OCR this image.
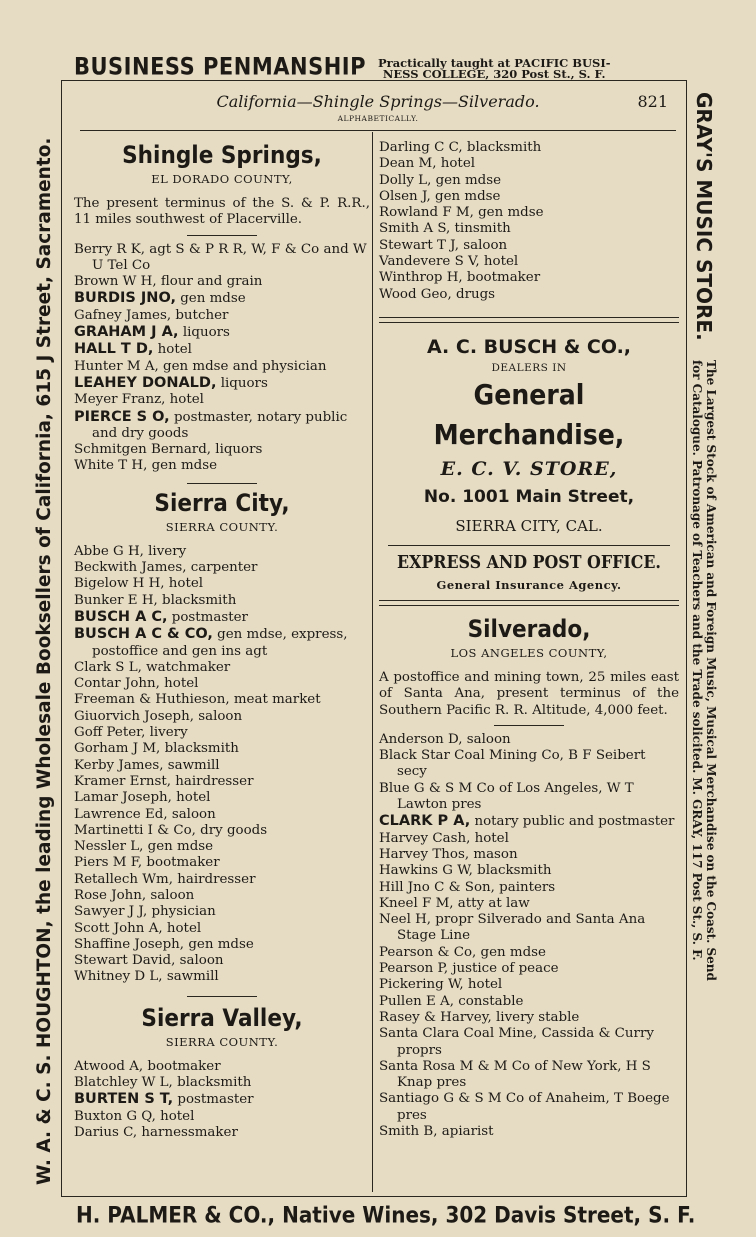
BUSINESS PENMANSHIP Practically taught at PACIFIC BUSI-
NESS COLLEGE, 320 Post St., S. F.
W. A. & C. S. HOUGHTON, the leading Wholesale Booksellers of California, 615 J Street, Sacramento.	GRAY'S MUSIC STORE.
The Largest Stock of American and Foreign Music, Musical Merchandise on the Coast. Send
for Catalogue. Patronage of Teachers and the Trade solicited. M. GRAY, 117 Post St., S. F.
California—Shingle Springs—Silverado.	821
ALPHABETICALLY.
Shingle Springs,
EL DORADO COUNTY,
The present terminus of the S. & P. R.R., 11 miles southwest of Placerville.
Berry R K, agt S & P R R, W, F & Co and W U Tel Co
Brown W H, flour and grain
BURDIS JNO, gen mdse
Gafney James, butcher
GRAHAM J A, liquors
HALL T D, hotel
Hunter M A, gen mdse and physician
LEAHEY DONALD, liquors
Meyer Franz, hotel
PIERCE S O, postmaster, notary public and dry goods
Schmitgen Bernard, liquors
White T H, gen mdse
Sierra City,
SIERRA COUNTY.
Abbe G H, livery
Beckwith James, carpenter
Bigelow H H, hotel
Bunker E H, blacksmith
BUSCH A C, postmaster
BUSCH A C & CO, gen mdse, express, postoffice and gen ins agt
Clark S L, watchmaker
Contar John, hotel
Freeman & Huthieson, meat market
Giuorvich Joseph, saloon
Goff Peter, livery
Gorham J M, blacksmith
Kerby James, sawmill
Kramer Ernst, hairdresser
Lamar Joseph, hotel
Lawrence Ed, saloon
Martinetti I & Co, dry goods
Nessler L, gen mdse
Piers M F, bootmaker
Retallech Wm, hairdresser
Rose John, saloon
Sawyer J J, physician
Scott John A, hotel
Shaffine Joseph, gen mdse
Stewart David, saloon
Whitney D L, sawmill
Sierra Valley,
SIERRA COUNTY.
Atwood A, bootmaker
Blatchley W L, blacksmith
BURTEN S T, postmaster
Buxton G Q, hotel
Darius C, harnessmaker
Darling C C, blacksmith
Dean M, hotel
Dolly L, gen mdse
Olsen J, gen mdse
Rowland F M, gen mdse
Smith A S, tinsmith
Stewart T J, saloon
Vandevere S V, hotel
Winthrop H, bootmaker
Wood Geo, drugs
A. C. BUSCH & CO.,
DEALERS IN
General Merchandise,
E. C. V. STORE,
No. 1001 Main Street,
SIERRA CITY, CAL.
EXPRESS AND POST OFFICE.
General Insurance Agency.
Silverado,
LOS ANGELES COUNTY,
A postoffice and mining town, 25 miles east of Santa Ana, present terminus of the Southern Pacific R. R. Altitude, 4,000 feet.
Anderson D, saloon
Black Star Coal Mining Co, B F Seibert secy
Blue G & S M Co of Los Angeles, W T Lawton pres
CLARK P A, notary public and postmaster
Harvey Cash, hotel
Harvey Thos, mason
Hawkins G W, blacksmith
Hill Jno C & Son, painters
Kneel F M, atty at law
Neel H, propr Silverado and Santa Ana Stage Line
Pearson & Co, gen mdse
Pearson P, justice of peace
Pickering W, hotel
Pullen E A, constable
Rasey & Harvey, livery stable
Santa Clara Coal Mine, Cassida & Curry proprs
Santa Rosa M & M Co of New York, H S Knap pres
Santiago G & S M Co of Anaheim, T Boege pres
Smith B, apiarist
H. PALMER & CO., Native Wines, 302 Davis Street, S. F.
